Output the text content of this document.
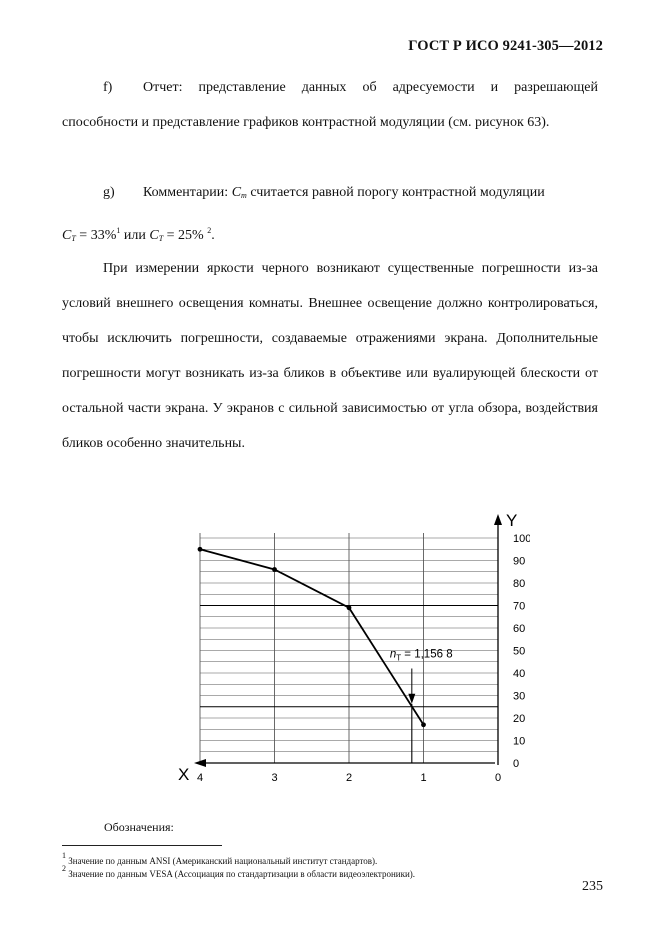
ГОСТ Р ИСО 9241-305—2012
f) Отчет: представление данных об адресуемости и разрешающей способности и представление графиков контрастной модуляции (см. рисунок 63).
g) Комментарии: $C_m$ считается равной порогу контрастной модуляции
$C_T = 33\%^1$ или $C_T = 25\%$ $^2$.
При измерении яркости черного возникают существенные погрешности из-за условий внешнего освещения комнаты. Внешнее освещение должно контролироваться, чтобы исключить погрешности, создаваемые отражениями экрана. Дополнительные погрешности могут возникать из-за бликов в объективе или вуалирующей блескости от остальной части экрана. У экранов с сильной зависимостью от угла обзора, воздействия бликов особенно значительны.
X
Y
100
90
80
70
60
50
40
30
20
10
0
4	3	2	1	0
$n_T = 1,156$ 8
Обозначения:
$^1$ Значение по данным ANSI (Американский национальный институт стандартов).
$^2$ Значение по данным VESA (Ассоциация по стандартизации в области видеоэлектроники).
235
